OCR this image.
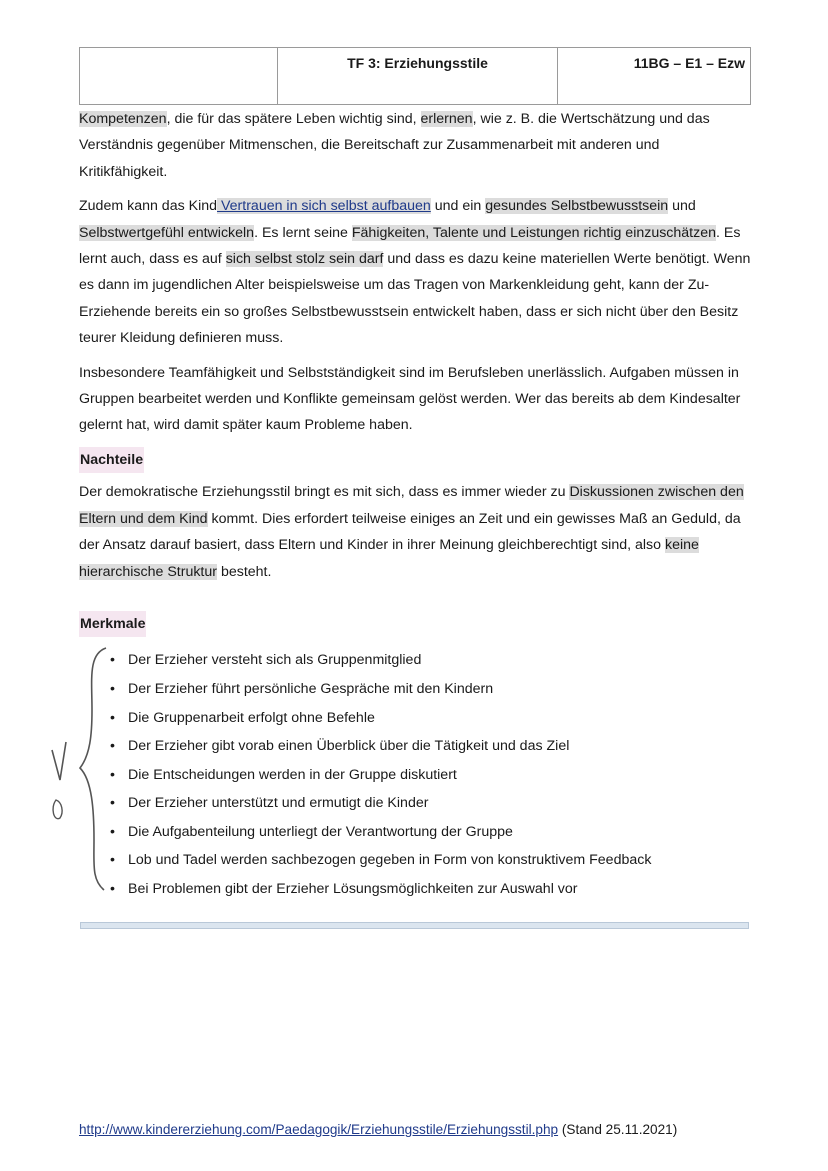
TF 3: Erziehungsstile	11BG – E1 – Ezw

Kompetenzen, die für das spätere Leben wichtig sind, erlernen, wie z. B. die Wertschätzung und das Verständnis gegenüber Mitmenschen, die Bereitschaft zur Zusammenarbeit mit anderen und Kritikfähigkeit.

Zudem kann das Kind Vertrauen in sich selbst aufbauen und ein gesundes Selbstbewusstsein und Selbstwertgefühl entwickeln. Es lernt seine Fähigkeiten, Talente und Leistungen richtig einzuschätzen. Es lernt auch, dass es auf sich selbst stolz sein darf und dass es dazu keine materiellen Werte benötigt. Wenn es dann im jugendlichen Alter beispielsweise um das Tragen von Markenkleidung geht, kann der Zu-Erziehende bereits ein so großes Selbstbewusstsein entwickelt haben, dass er sich nicht über den Besitz teurer Kleidung definieren muss.

Insbesondere Teamfähigkeit und Selbstständigkeit sind im Berufsleben unerlässlich. Aufgaben müssen in Gruppen bearbeitet werden und Konflikte gemeinsam gelöst werden. Wer das bereits ab dem Kindesalter gelernt hat, wird damit später kaum Probleme haben.

Nachteile

Der demokratische Erziehungsstil bringt es mit sich, dass es immer wieder zu Diskussionen zwischen den Eltern und dem Kind kommt. Dies erfordert teilweise einiges an Zeit und ein gewisses Maß an Geduld, da der Ansatz darauf basiert, dass Eltern und Kinder in ihrer Meinung gleichberechtigt sind, also keine hierarchische Struktur besteht.

Merkmale
• Der Erzieher versteht sich als Gruppenmitglied
• Der Erzieher führt persönliche Gespräche mit den Kindern
• Die Gruppenarbeit erfolgt ohne Befehle
• Der Erzieher gibt vorab einen Überblick über die Tätigkeit und das Ziel
• Die Entscheidungen werden in der Gruppe diskutiert
• Der Erzieher unterstützt und ermutigt die Kinder
• Die Aufgabenteilung unterliegt der Verantwortung der Gruppe
• Lob und Tadel werden sachbezogen gegeben in Form von konstruktivem Feedback
• Bei Problemen gibt der Erzieher Lösungsmöglichkeiten zur Auswahl vor
http://www.kindererziehung.com/Paedagogik/Erziehungsstile/Erziehungsstil.php (Stand 25.11.2021)
